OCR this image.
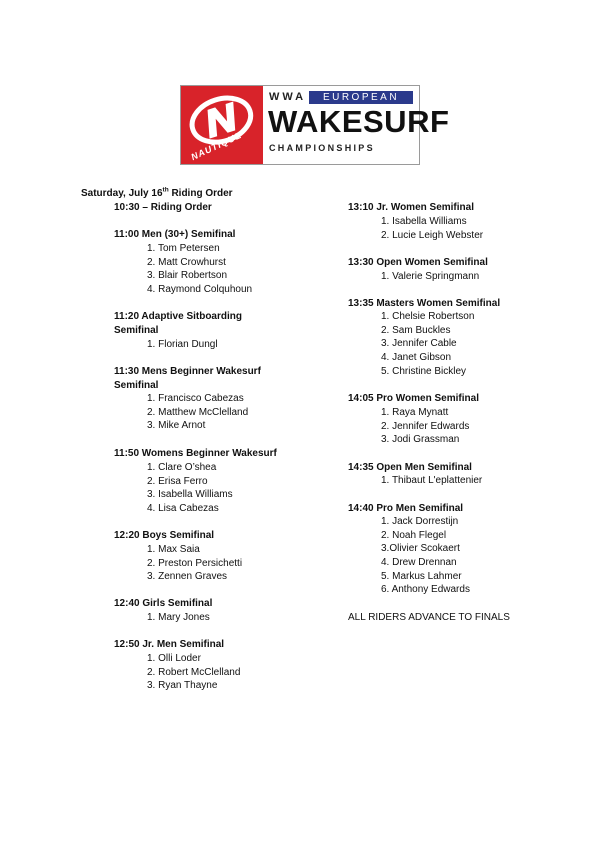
NAUTIQUE
WWA	EUROPEAN
WAKESURF
CHAMPIONSHIPS
Saturday, July 16th Riding Order
10:30 – Riding Order
11:00 Men (30+) Semifinal
1. Tom Petersen
2. Matt Crowhurst
3. Blair Robertson
4. Raymond Colquhoun
11:20 Adaptive Sitboarding
Semifinal
1. Florian Dungl
11:30 Mens Beginner Wakesurf
Semifinal
1. Francisco Cabezas
2. Matthew McClelland
3. Mike Arnot
11:50 Womens Beginner Wakesurf
1. Clare O’shea
2. Erisa Ferro
3. Isabella Williams
4. Lisa Cabezas
12:20 Boys Semifinal
1. Max Saia
2. Preston Persichetti
3. Zennen Graves
12:40 Girls Semifinal
1. Mary Jones
12:50 Jr. Men Semifinal
1. Olli Loder
2. Robert McClelland
3. Ryan Thayne
13:10 Jr. Women Semifinal
1. Isabella Williams
2. Lucie Leigh Webster
13:30 Open Women Semifinal
1. Valerie Springmann
13:35 Masters Women Semifinal
1. Chelsie Robertson
2. Sam Buckles
3. Jennifer Cable
4. Janet Gibson
5. Christine Bickley
14:05 Pro Women Semifinal
1. Raya Mynatt
2. Jennifer Edwards
3. Jodi Grassman
14:35 Open Men Semifinal
1. Thibaut L'eplattenier
14:40 Pro Men Semifinal
1. Jack Dorrestijn
2. Noah Flegel
3.Olivier Scokaert
4. Drew Drennan
5. Markus Lahmer
6. Anthony Edwards
ALL RIDERS ADVANCE TO FINALS
